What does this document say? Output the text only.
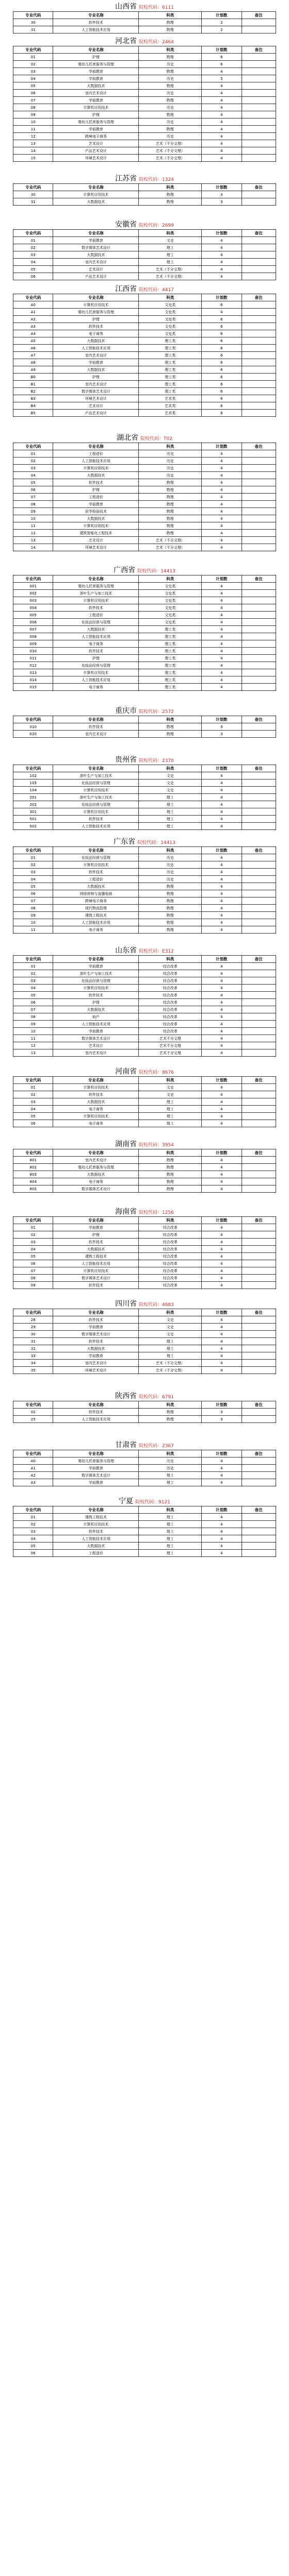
山西省 院校代码：6111
专业代码	专业名称	科类	计划数	备注
30	软件技术	物理	2	
31	人工智能技术应用	物理	2	
河北省 院校代码：2464
专业代码	专业名称	科类	计划数	备注
01	护理	物理	6	
02	婴幼儿托育服务与管理	历史	6	
03	学前教育	物理	4	
04	学前教育	历史	5	
05	大数据技术	物理	4	
06	室内艺术设计	历史	4	
07	学前教育	物理	4	
08	计算机应用技术	历史	4	
09	护理	物理	4	
10	婴幼儿托育服务与管理	历史	4	
11	学前教育	物理	4	
12	跨境电子商务	历史	4	
13	艺术设计	艺术（不分文理）	4	
14	产品艺术设计	艺术（不分文理）	4	
15	环境艺术设计	艺术（不分文理）	4	
江苏省 院校代码：1324
专业代码	专业名称	科类	计划数	备注
30	计算机应用技术	物理	3	
31	大数据技术	物理	3	
安徽省 院校代码：2699
专业代码	专业名称	科类	计划数	备注
01	学前教育	文史	4	
02	数字媒体艺术设计	理工	4	
03	大数据技术	理工	4	
04	室内艺术设计	理工	4	
05	艺术设计	艺术（不分文理）	4	
06	产品艺术设计	艺术（不分文理）	4	
江西省 院校代码：4417
专业代码	专业名称	科类	计划数	备注
A0	计算机应用技术	文史类	6	
A1	婴幼儿托育服务与管理	文史类	4	
A2	护理	文史类	6	
A3	软件技术	文史类	6	
A4	电子商务	文史类	6	
A5	大数据技术	理工类	6	
A6	人工智能技术应用	理工类	6	
A7	室内艺术设计	理工类	6	
A8	学前教育	理工类	6	
A9	大数据技术	理工类	6	
B0	护理	理工类	6	
B1	室内艺术设计	理工类	6	
B2	数字媒体艺术设计	理工类	6	
B3	环境艺术设计	艺术类	6	
B4	艺术设计	艺术类	6	
B5	产品艺术设计	艺术类	6	
湖北省 院校代码：T02
专业代码	专业名称	科类	计划数	备注
01	工程造价	历史	4	
02	人工智能技术应用	历史	4	
03	计算机应用技术	历史	4	
04	大数据技术	历史	4	
05	软件技术	物理	4	
06	护理	物理	4	
07	工程造价	物理	4	
08	学前教育	物理	4	
09	医学检验技术	物理	4	
10	大数据技术	物理	4	
11	计算机应用技术	物理	4	
12	建筑智能化工程技术	物理	4	
13	艺术设计	艺术（不分文理）	4	
14	环境艺术设计	艺术（不分文理）	4	
广西省 院校代码：14413
专业代码	专业名称	科类	计划数	备注
001	婴幼儿托育服务与管理	文史类	4	
002	茶叶生产与加工技术	文史类	4	
003	计算机应用技术	文史类	4	
004	软件技术	文史类	4	
005	工程造价	文史类	4	
006	化妆品经营与管理	文史类	4	
007	大数据技术	理工类	4	
008	人工智能技术应用	理工类	4	
009	电子商务	理工类	4	
010	软件技术	理工类	4	
011	护理	理工类	4	
012	化妆品经营与管理	理工类	4	
013	计算机应用技术	理工类	4	
014	人工智能技术应用	理工类	4	
015	电子商务	理工类	4	
重庆市 院校代码：2572
专业代码	专业名称	科类	计划数	备注
010	软件技术	物理	3	
020	室内艺术设计	物理	3	
贵州省 院校代码：2370
专业代码	专业名称	科类	计划数	备注
102	茶叶生产与加工技术	文史	4	
103	化妆品经营与管理	文史	4	
104	计算机应用技术	文史	4	
201	茶叶生产与加工技术	理工	4	
202	化妆品经营与管理	理工	4	
301	计算机应用技术	理工	4	
501	软件技术	理工	4	
502	人工智能技术应用	理工	4	
广东省 院校代码：14413
专业代码	专业名称	科类	计划数	备注
01	化妆品经营与管理	历史	4	
02	计算机应用技术	历史	4	
03	软件技术	历史	4	
04	工程造价	历史	4	
05	大数据技术	物理	4	
06	网络营销与直播电商	物理	4	
07	跨境电子商务	物理	4	
08	现代物流管理	物理	4	
09	建筑工程技术	物理	4	
10	人工智能技术应用	物理	4	
11	电子商务	物理	4	
山东省 院校代码：E312
专业代码	专业名称	科类	计划数	备注
01	学前教育	综合改革	4	
02	茶叶生产与加工技术	综合改革	4	
03	化妆品经营与管理	综合改革	4	
04	计算机应用技术	综合改革	4	
05	软件技术	综合改革	4	
06	护理	综合改革	4	
07	大数据技术	综合改革	4	
08	助产	综合改革	4	
09	人工智能技术应用	综合改革	4	
10	学前教育	综合改革	4	
11	数字媒体艺术设计	艺术不分文理	4	
12	艺术设计	艺术不分文理	4	
13	室内艺术设计	艺术不分文理	4	
河南省 院校代码：8676
专业代码	专业名称	科类	计划数	备注
01	计算机应用技术	文史	4	
02	软件技术	文史	4	
03	大数据技术	理工	4	
04	电子商务	理工	4	
05	计算机应用技术	理工	4	
06	电子商务	理工	4	
湖南省 院校代码：3954
专业代码	专业名称	科类	计划数	备注
801	室内艺术设计	物理	4	
802	婴幼儿托育服务与管理	物理	4	
803	大数据技术	物理	4	
804	电子商务	物理	4	
805	数字媒体艺术设计	物理	4	
海南省 院校代码：1256
专业代码	专业名称	科类	计划数	备注
01	学前教育	综合改革	4	
02	护理	综合改革	4	
03	软件技术	综合改革	4	
04	大数据技术	综合改革	4	
05	建筑工程技术	综合改革	4	
06	人工智能技术应用	综合改革	4	
07	计算机应用技术	综合改革	4	
08	数字媒体艺术设计	综合改革	4	
09	软件技术	综合改革	4	
四川省 院校代码：4683
专业代码	专业名称	科类	计划数	备注
28	软件技术	文史	4	
29	学前教育	文史	4	
30	数字媒体艺术设计	文史	4	
31	软件技术	理工	4	
32	大数据技术	理工	4	
33	学前教育	理工	4	
34	室内艺术设计	艺术（不分文理）	4	
35	环境艺术设计	艺术（不分文理）	4	
陕西省 院校代码：6791
专业代码	专业名称	科类	计划数	备注
02	软件技术	物理	3	
25	人工智能技术应用	物理	3	
甘肃省 院校代码：2367
专业代码	专业名称	科类	计划数	备注
A0	婴幼儿托育服务与管理	历史	4	
A1	学前教育	历史	4	
A2	数字媒体艺术设计	理工	4	
A3	学前教育	理工	4	
宁夏 院校代码：9121
专业代码	专业名称	科类	计划数	备注
01	建筑工程技术	理工	4	
02	计算机应用技术	理工	4	
03	软件技术	理工	4	
04	人工智能技术应用	理工	4	
05	大数据技术	理工	4	
06	工程造价	理工	4	
